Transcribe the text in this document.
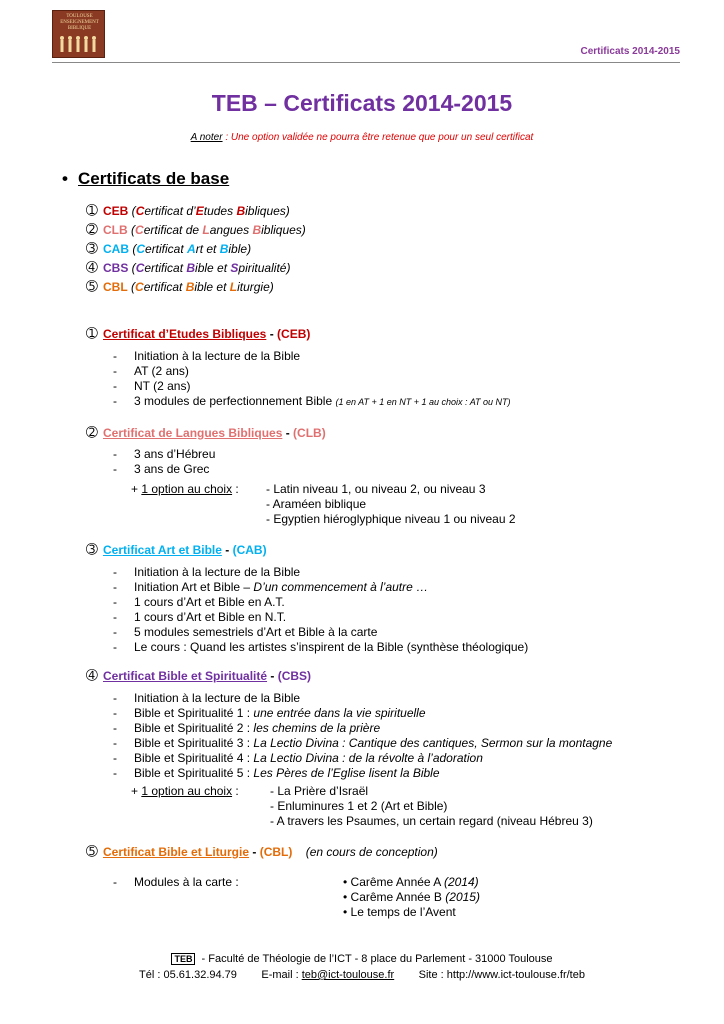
TOULOUSE
ENSEIGNEMENT
BIBLIQUE
Certificats 2014-2015
TEB – Certificats 2014-2015
A noter : Une option validée ne pourra être retenue que pour un seul certificat
• Certificats de base
➀ CEB (Certificat d’Etudes Bibliques)
➁ CLB (Certificat de Langues Bibliques)
➂ CAB (Certificat Art et Bible)
➃ CBS (Certificat Bible et Spiritualité)
➄ CBL (Certificat Bible et Liturgie)
➀ Certificat d’Etudes Bibliques - (CEB)
- Initiation à la lecture de la Bible
- AT (2 ans)
- NT (2 ans)
- 3 modules de perfectionnement Bible (1 en AT + 1 en NT + 1 au choix : AT ou NT)
➁ Certificat de Langues Bibliques - (CLB)
- 3 ans d’Hébreu
- 3 ans de Grec
+ 1 option au choix : - Latin niveau 1, ou niveau 2, ou niveau 3
- Araméen biblique
- Egyptien hiéroglyphique niveau 1 ou niveau 2
➂ Certificat Art et Bible - (CAB)
- Initiation à la lecture de la Bible
- Initiation Art et Bible – D’un commencement à l’autre …
- 1 cours d’Art et Bible en A.T.
- 1 cours d’Art et Bible en N.T.
- 5 modules semestriels d’Art et Bible à la carte
- Le cours : Quand les artistes s’inspirent de la Bible (synthèse théologique)
➃ Certificat Bible et Spiritualité - (CBS)
- Initiation à la lecture de la Bible
- Bible et Spiritualité 1 : une entrée dans la vie spirituelle
- Bible et Spiritualité 2 : les chemins de la prière
- Bible et Spiritualité 3 : La Lectio Divina : Cantique des cantiques, Sermon sur la montagne
- Bible et Spiritualité 4 : La Lectio Divina : de la révolte à l’adoration
- Bible et Spiritualité 5 : Les Pères de l’Eglise lisent la Bible
+ 1 option au choix :	- La Prière d’Israël
- Enluminures 1 et 2 (Art et Bible)
- A travers les Psaumes, un certain regard (niveau Hébreu 3)
➄ Certificat Bible et Liturgie - (CBL) (en cours de conception)
- Modules à la carte :	• Carême Année A (2014)
• Carême Année B (2015)
• Le temps de l’Avent
TEB - Faculté de Théologie de l’ICT - 8 place du Parlement - 31000 Toulouse
Tél : 05.61.32.94.79 E-mail : teb@ict-toulouse.fr Site : http://www.ict-toulouse.fr/teb
